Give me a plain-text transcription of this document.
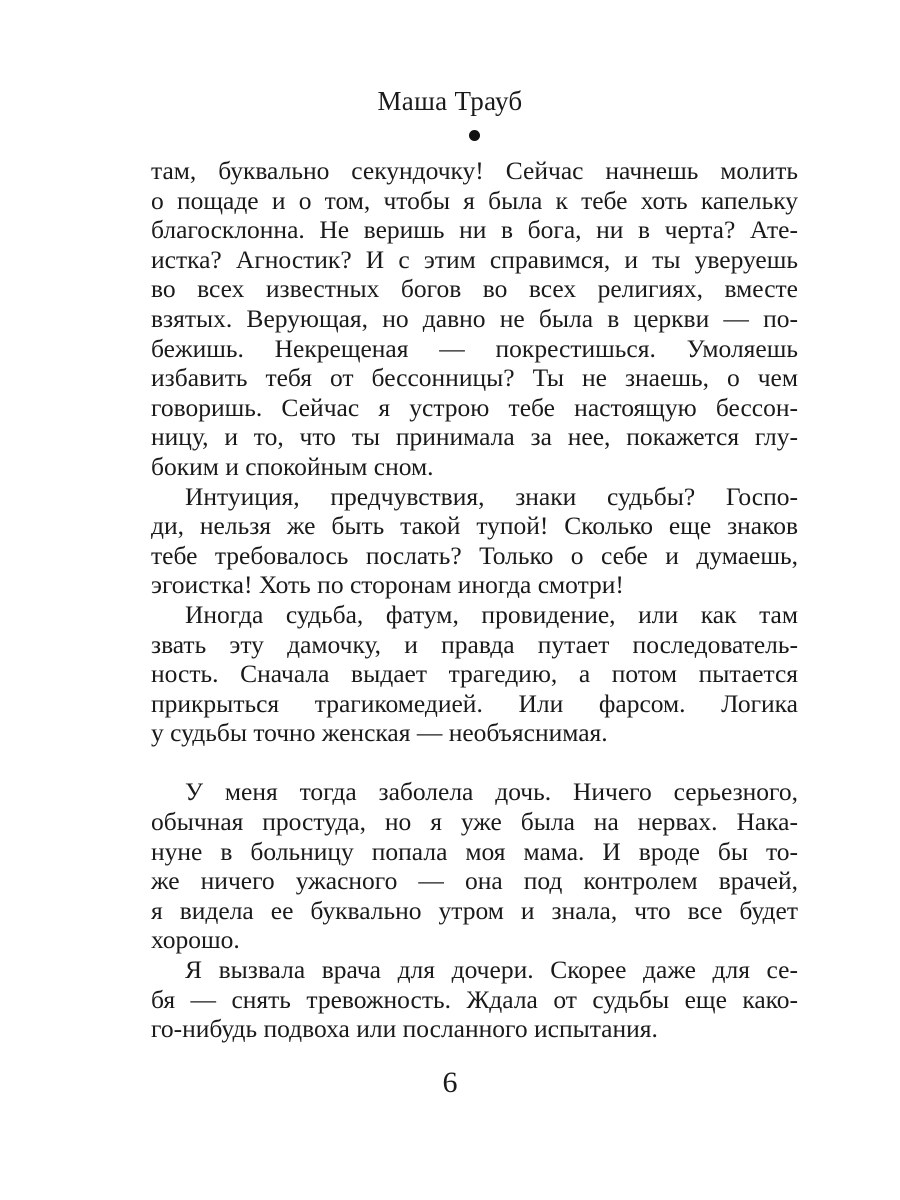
Маша Трауб
там, буквально секундочку! Сейчас начнешь молить
о пощаде и о том, чтобы я была к тебе хоть капельку
благосклонна. Не веришь ни в бога, ни в черта? Ате-
истка? Агностик? И с этим справимся, и ты уверуешь
во всех известных богов во всех религиях, вместе
взятых. Верующая, но давно не была в церкви — по-
бежишь. Некрещеная — покрестишься. Умоляешь
избавить тебя от бессонницы? Ты не знаешь, о чем
говоришь. Сейчас я устрою тебе настоящую бессон-
ницу, и то, что ты принимала за нее, покажется глу-
боким и спокойным сном.
Интуиция, предчувствия, знаки судьбы? Госпо-
ди, нельзя же быть такой тупой! Сколько еще знаков
тебе требовалось послать? Только о себе и думаешь,
эгоистка! Хоть по сторонам иногда смотри!
Иногда судьба, фатум, провидение, или как там
звать эту дамочку, и правда путает последователь-
ность. Сначала выдает трагедию, а потом пытается
прикрыться трагикомедией. Или фарсом. Логика
у судьбы точно женская — необъяснимая.
У меня тогда заболела дочь. Ничего серьезного,
обычная простуда, но я уже была на нервах. Нака-
нуне в больницу попала моя мама. И вроде бы то-
же ничего ужасного — она под контролем врачей,
я видела ее буквально утром и знала, что все будет
хорошо.
Я вызвала врача для дочери. Скорее даже для се-
бя — снять тревожность. Ждала от судьбы еще како-
го-нибудь подвоха или посланного испытания.
6
